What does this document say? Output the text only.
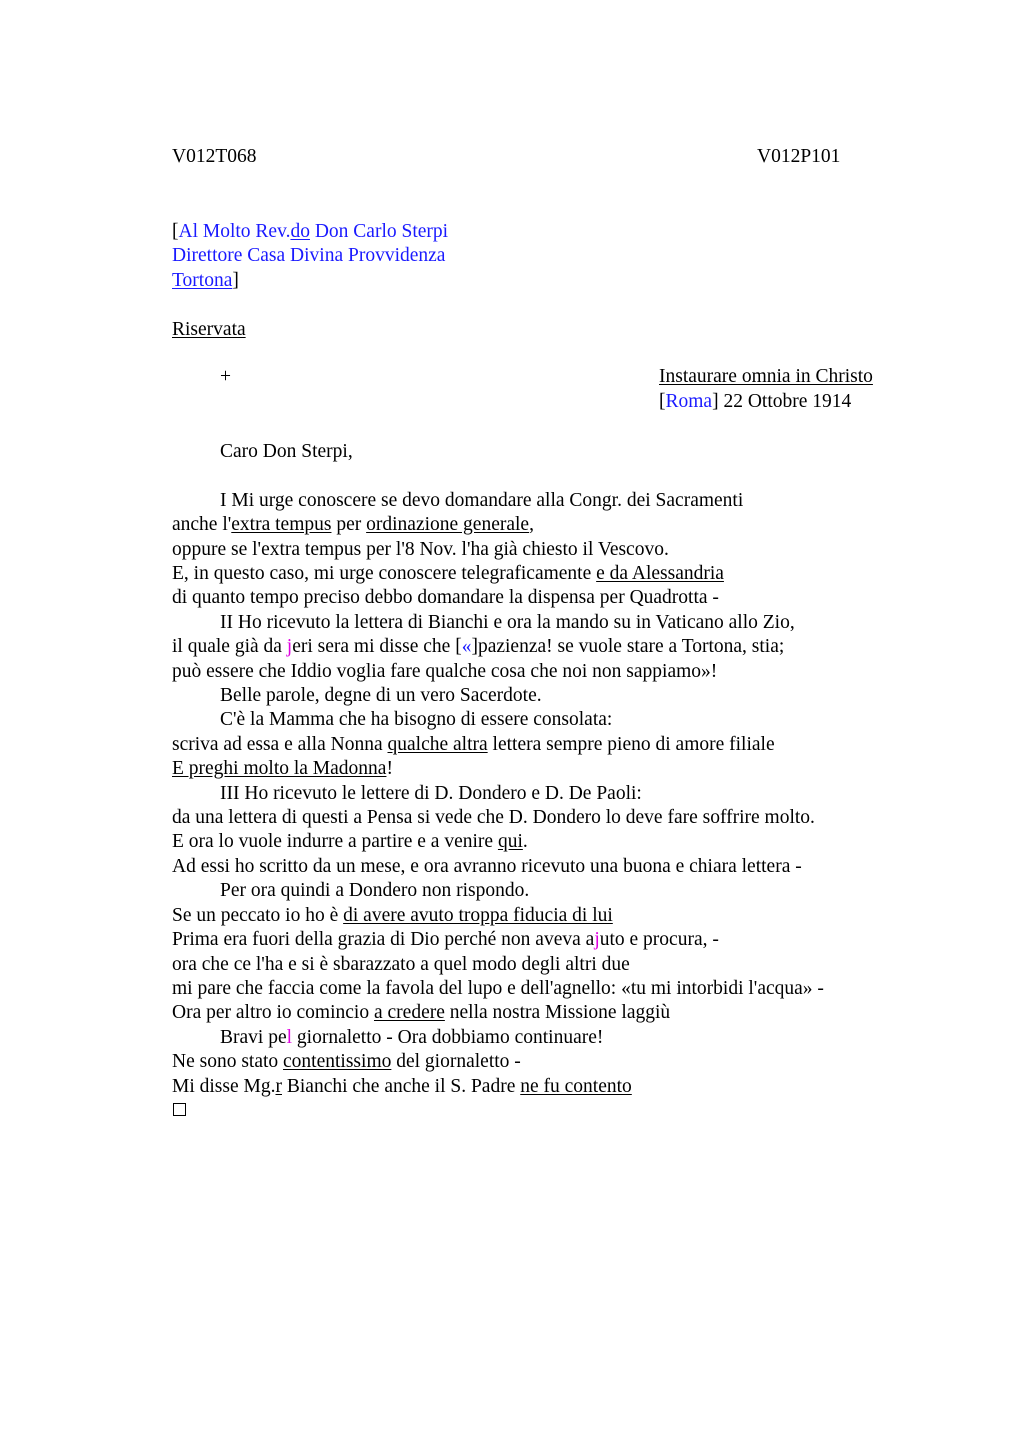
V012T068	V012P101
[Al Molto Rev.do Don Carlo Sterpi
Direttore Casa Divina Provvidenza
Tortona]
Riservata
+	Instaurare omnia in Christo
[Roma] 22 Ottobre 1914
Caro Don Sterpi,
I Mi urge conoscere se devo domandare alla Congr. dei Sacramenti
anche l'extra tempus per ordinazione generale,
oppure se l'extra tempus per l'8 Nov. l'ha già chiesto il Vescovo.
E, in questo caso, mi urge conoscere telegraficamente e da Alessandria
di quanto tempo preciso debbo domandare la dispensa per Quadrotta -
II Ho ricevuto la lettera di Bianchi e ora la mando su in Vaticano allo Zio,
il quale già da jeri sera mi disse che [«]pazienza! se vuole stare a Tortona, stia;
può essere che Iddio voglia fare qualche cosa che noi non sappiamo»!
Belle parole, degne di un vero Sacerdote.
C'è la Mamma che ha bisogno di essere consolata:
scriva ad essa e alla Nonna qualche altra lettera sempre pieno di amore filiale
E preghi molto la Madonna!
III Ho ricevuto le lettere di D. Dondero e D. De Paoli:
da una lettera di questi a Pensa si vede che D. Dondero lo deve fare soffrire molto.
E ora lo vuole indurre a partire e a venire qui.
Ad essi ho scritto da un mese, e ora avranno ricevuto una buona e chiara lettera -
Per ora quindi a Dondero non rispondo.
Se un peccato io ho è di avere avuto troppa fiducia di lui
Prima era fuori della grazia di Dio perché non aveva ajuto e procura, -
ora che ce l'ha e si è sbarazzato a quel modo degli altri due
mi pare che faccia come la favola del lupo e dell'agnello: «tu mi intorbidi l'acqua» -
Ora per altro io comincio a credere nella nostra Missione laggiù
Bravi pel giornaletto - Ora dobbiamo continuare!
Ne sono stato contentissimo del giornaletto -
Mi disse Mg.r Bianchi che anche il S. Padre ne fu contento
